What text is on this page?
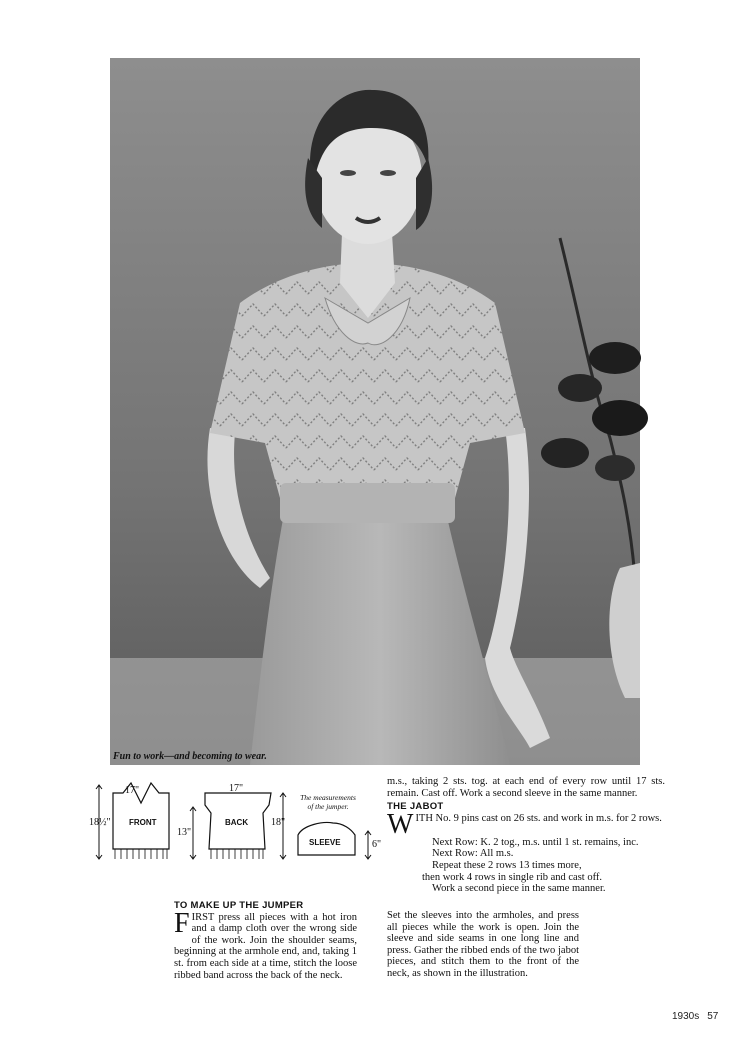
Fun to work—and becoming to wear.
FRONT	BACK
SLEEVE
17"	17"
18½"
13"
18"
6"
The measurements of the jumper.
m.s., taking 2 sts. tog. at each end of every row until 17 sts. remain. Cast off. Work a second sleeve in the same manner.
THE JABOT
WITH No. 9 pins cast on 26 sts. and work in m.s. for 2 rows.
Next Row: K. 2 tog., m.s. until 1 st. remains, inc.
Next Row: All m.s.
Repeat these 2 rows 13 times more,
then work 4 rows in single rib and cast off.
Work a second piece in the same manner.
TO MAKE UP THE JUMPER
FIRST press all pieces with a hot iron and a damp cloth over the wrong side of the work. Join the shoulder seams, beginning at the armhole end, and, taking 1 st. from each side at a time, stitch the loose ribbed band across the back of the neck.
Set the sleeves into the armholes, and press all pieces while the work is open. Join the sleeve and side seams in one long line and press. Gather the ribbed ends of the two jabot pieces, and stitch them to the front of the neck, as shown in the illustration.
1930s 57
